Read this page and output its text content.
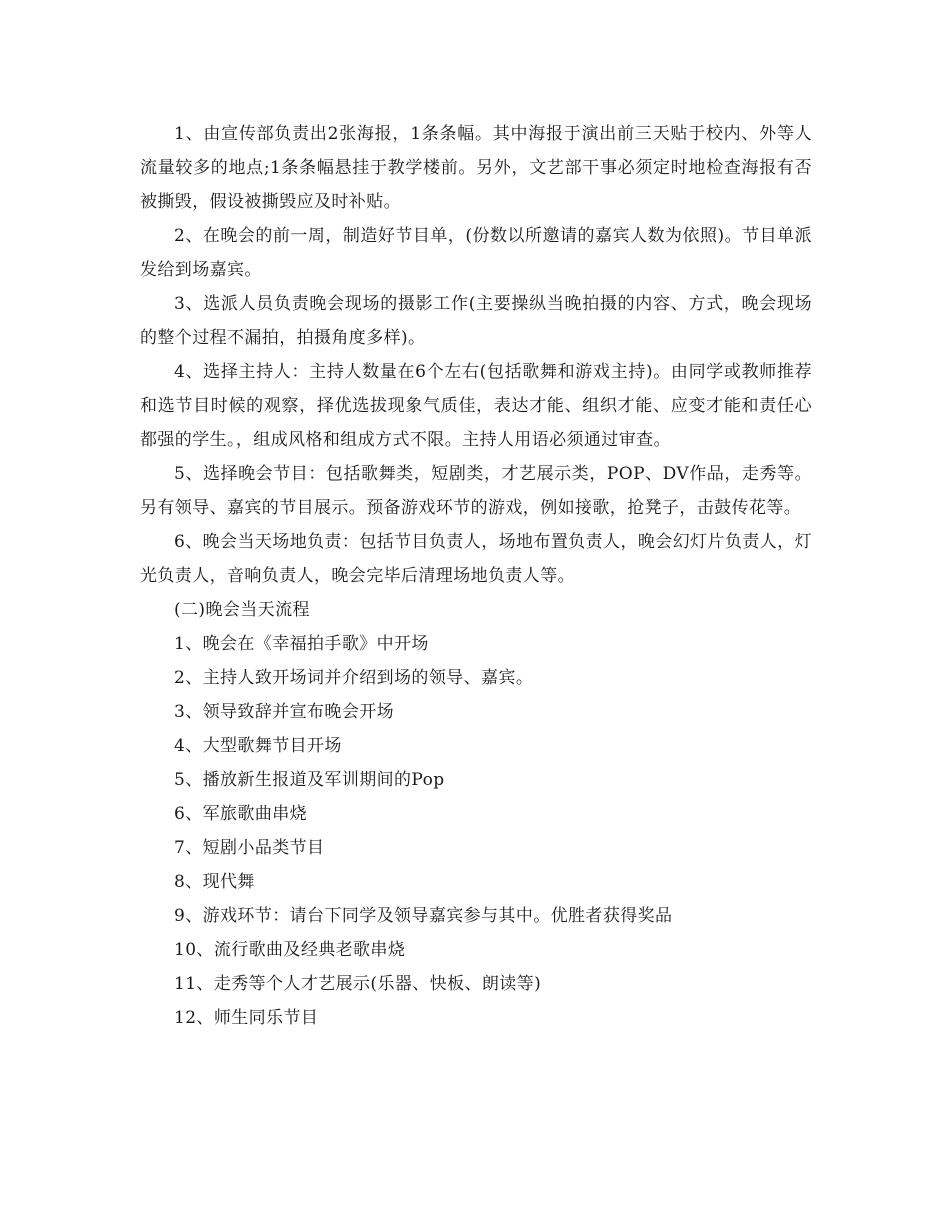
1、由宣传部负责出2张海报，1条条幅。其中海报于演出前三天贴于校内、外等人流量较多的地点;1条条幅悬挂于教学楼前。另外，文艺部干事必须定时地检查海报有否被撕毁，假设被撕毁应及时补贴。

2、在晚会的前一周，制造好节目单，(份数以所邀请的嘉宾人数为依照)。节目单派发给到场嘉宾。

3、选派人员负责晚会现场的摄影工作(主要操纵当晚拍摄的内容、方式，晚会现场的整个过程不漏拍，拍摄角度多样)。

4、选择主持人：主持人数量在6个左右(包括歌舞和游戏主持)。由同学或教师推荐和选节目时候的观察，择优选拔现象气质佳，表达才能、组织才能、应变才能和责任心都强的学生。，组成风格和组成方式不限。主持人用语必须通过审查。

5、选择晚会节目：包括歌舞类，短剧类，才艺展示类，POP、DV作品，走秀等。另有领导、嘉宾的节目展示。预备游戏环节的游戏，例如接歌，抢凳子，击鼓传花等。

6、晚会当天场地负责：包括节目负责人，场地布置负责人，晚会幻灯片负责人，灯光负责人，音响负责人，晚会完毕后清理场地负责人等。

(二)晚会当天流程

1、晚会在《幸福拍手歌》中开场

2、主持人致开场词并介绍到场的领导、嘉宾。

3、领导致辞并宣布晚会开场

4、大型歌舞节目开场

5、播放新生报道及军训期间的Pop

6、军旅歌曲串烧

7、短剧小品类节目

8、现代舞

9、游戏环节：请台下同学及领导嘉宾参与其中。优胜者获得奖品

10、流行歌曲及经典老歌串烧

11、走秀等个人才艺展示(乐器、快板、朗读等)

12、师生同乐节目
